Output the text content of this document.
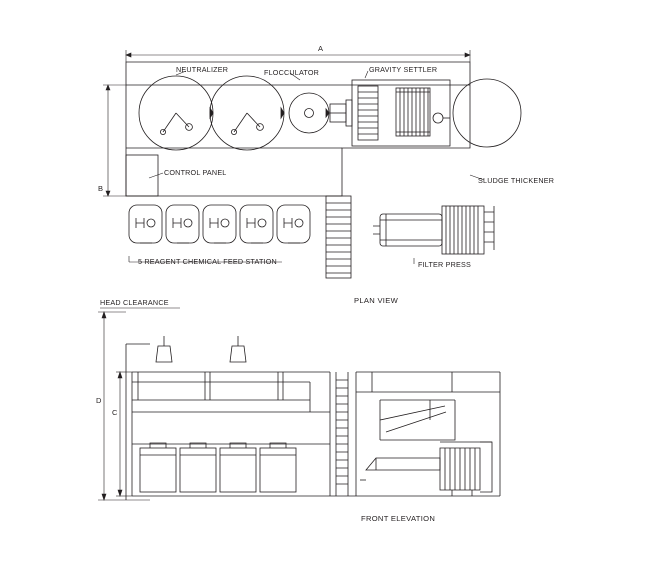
A
B
C
D
NEUTRALIZER	FLOCCULATOR	GRAVITY SETTLER
SLUDGE THICKENER
CONTROL PANEL
5 REAGENT CHEMICAL FEED STATION	FILTER PRESS
HEAD CLEARANCE	PLAN VIEW
FRONT ELEVATION
